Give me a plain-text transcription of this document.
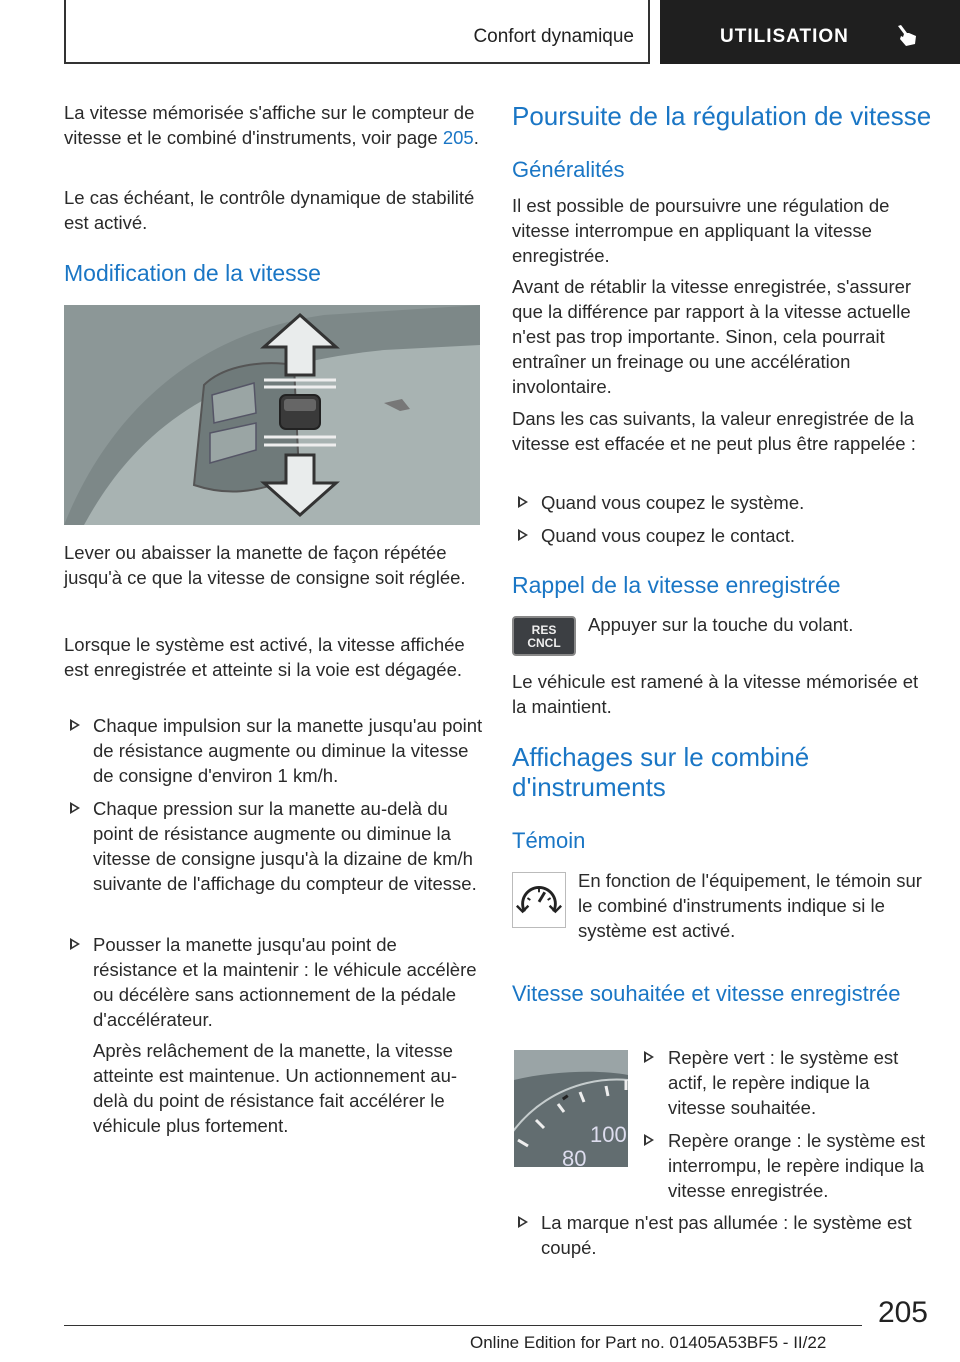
Confort dynamique	UTILISATION
La vitesse mémorisée s'affiche sur le compteur de vitesse et le combiné d'instruments, voir page 205.
Le cas échéant, le contrôle dynamique de stabilité est activé.
Modification de la vitesse
Lever ou abaisser la manette de façon répétée jusqu'à ce que la vitesse de consigne soit réglée.
Lorsque le système est activé, la vitesse affichée est enregistrée et atteinte si la voie est dégagée.
Chaque impulsion sur la manette jusqu'au point de résistance augmente ou diminue la vitesse de consigne d'environ 1 km/h.
Chaque pression sur la manette au-delà du point de résistance augmente ou diminue la vitesse de consigne jusqu'à la dizaine de km/h suivante de l'affichage du compteur de vitesse.
Pousser la manette jusqu'au point de résistance et la maintenir : le véhicule accélère ou décélère sans actionnement de la pédale d'accélérateur.
Après relâchement de la manette, la vitesse atteinte est maintenue. Un actionnement au-delà du point de résistance fait accélérer le véhicule plus fortement.
Poursuite de la régulation de vitesse
Généralités
Il est possible de poursuivre une régulation de vitesse interrompue en appliquant la vitesse enregistrée.
Avant de rétablir la vitesse enregistrée, s'assurer que la différence par rapport à la vitesse actuelle n'est pas trop importante. Sinon, cela pourrait entraîner un freinage ou une accélération involontaire.
Dans les cas suivants, la valeur enregistrée de la vitesse est effacée et ne peut plus être rappelée :
Quand vous coupez le système.
Quand vous coupez le contact.
Rappel de la vitesse enregistrée
RES
CNCL
Appuyer sur la touche du volant.
Le véhicule est ramené à la vitesse mémorisée et la maintient.
Affichages sur le combiné d'instruments
Témoin
En fonction de l'équipement, le témoin sur le combiné d'instruments indique si le système est activé.
Vitesse souhaitée et vitesse enregistrée
100
80
Repère vert : le système est actif, le repère indique la vitesse souhaitée.
Repère orange : le système est interrompu, le repère indique la vitesse enregistrée.
La marque n'est pas allumée : le système est coupé.
205
Online Edition for Part no. 01405A53BF5 - II/22
